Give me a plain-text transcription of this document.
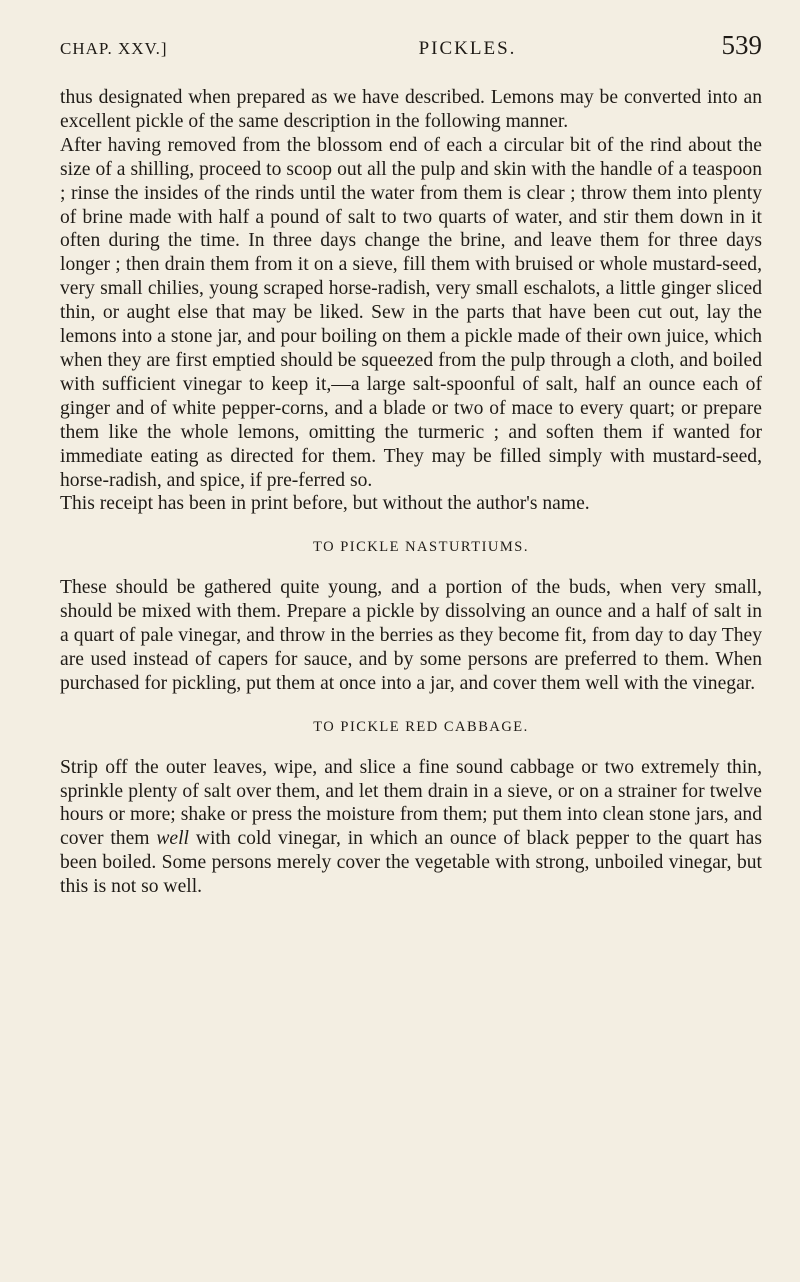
CHAP. XXV.]	PICKLES.	539

thus designated when prepared as we have described. Lemons may be converted into an excellent pickle of the same description in the following manner.

After having removed from the blossom end of each a circular bit of the rind about the size of a shilling, proceed to scoop out all the pulp and skin with the handle of a teaspoon ; rinse the insides of the rinds until the water from them is clear ; throw them into plenty of brine made with half a pound of salt to two quarts of water, and stir them down in it often during the time. In three days change the brine, and leave them for three days longer ; then drain them from it on a sieve, fill them with bruised or whole mustard-seed, very small chilies, young scraped horse-radish, very small eschalots, a little ginger sliced thin, or aught else that may be liked. Sew in the parts that have been cut out, lay the lemons into a stone jar, and pour boiling on them a pickle made of their own juice, which when they are first emptied should be squeezed from the pulp through a cloth, and boiled with sufficient vinegar to keep it,—a large salt-spoonful of salt, half an ounce each of ginger and of white pepper-corns, and a blade or two of mace to every quart; or prepare them like the whole lemons, omitting the turmeric ; and soften them if wanted for immediate eating as directed for them. They may be filled simply with mustard-seed, horse-radish, and spice, if pre-ferred so.

This receipt has been in print before, but without the author's name.

TO PICKLE NASTURTIUMS.

These should be gathered quite young, and a portion of the buds, when very small, should be mixed with them. Prepare a pickle by dissolving an ounce and a half of salt in a quart of pale vinegar, and throw in the berries as they become fit, from day to day They are used instead of capers for sauce, and by some persons are preferred to them. When purchased for pickling, put them at once into a jar, and cover them well with the vinegar.

TO PICKLE RED CABBAGE.

Strip off the outer leaves, wipe, and slice a fine sound cabbage or two extremely thin, sprinkle plenty of salt over them, and let them drain in a sieve, or on a strainer for twelve hours or more; shake or press the moisture from them; put them into clean stone jars, and cover them well with cold vinegar, in which an ounce of black pepper to the quart has been boiled. Some persons merely cover the vegetable with strong, unboiled vinegar, but this is not so well.
